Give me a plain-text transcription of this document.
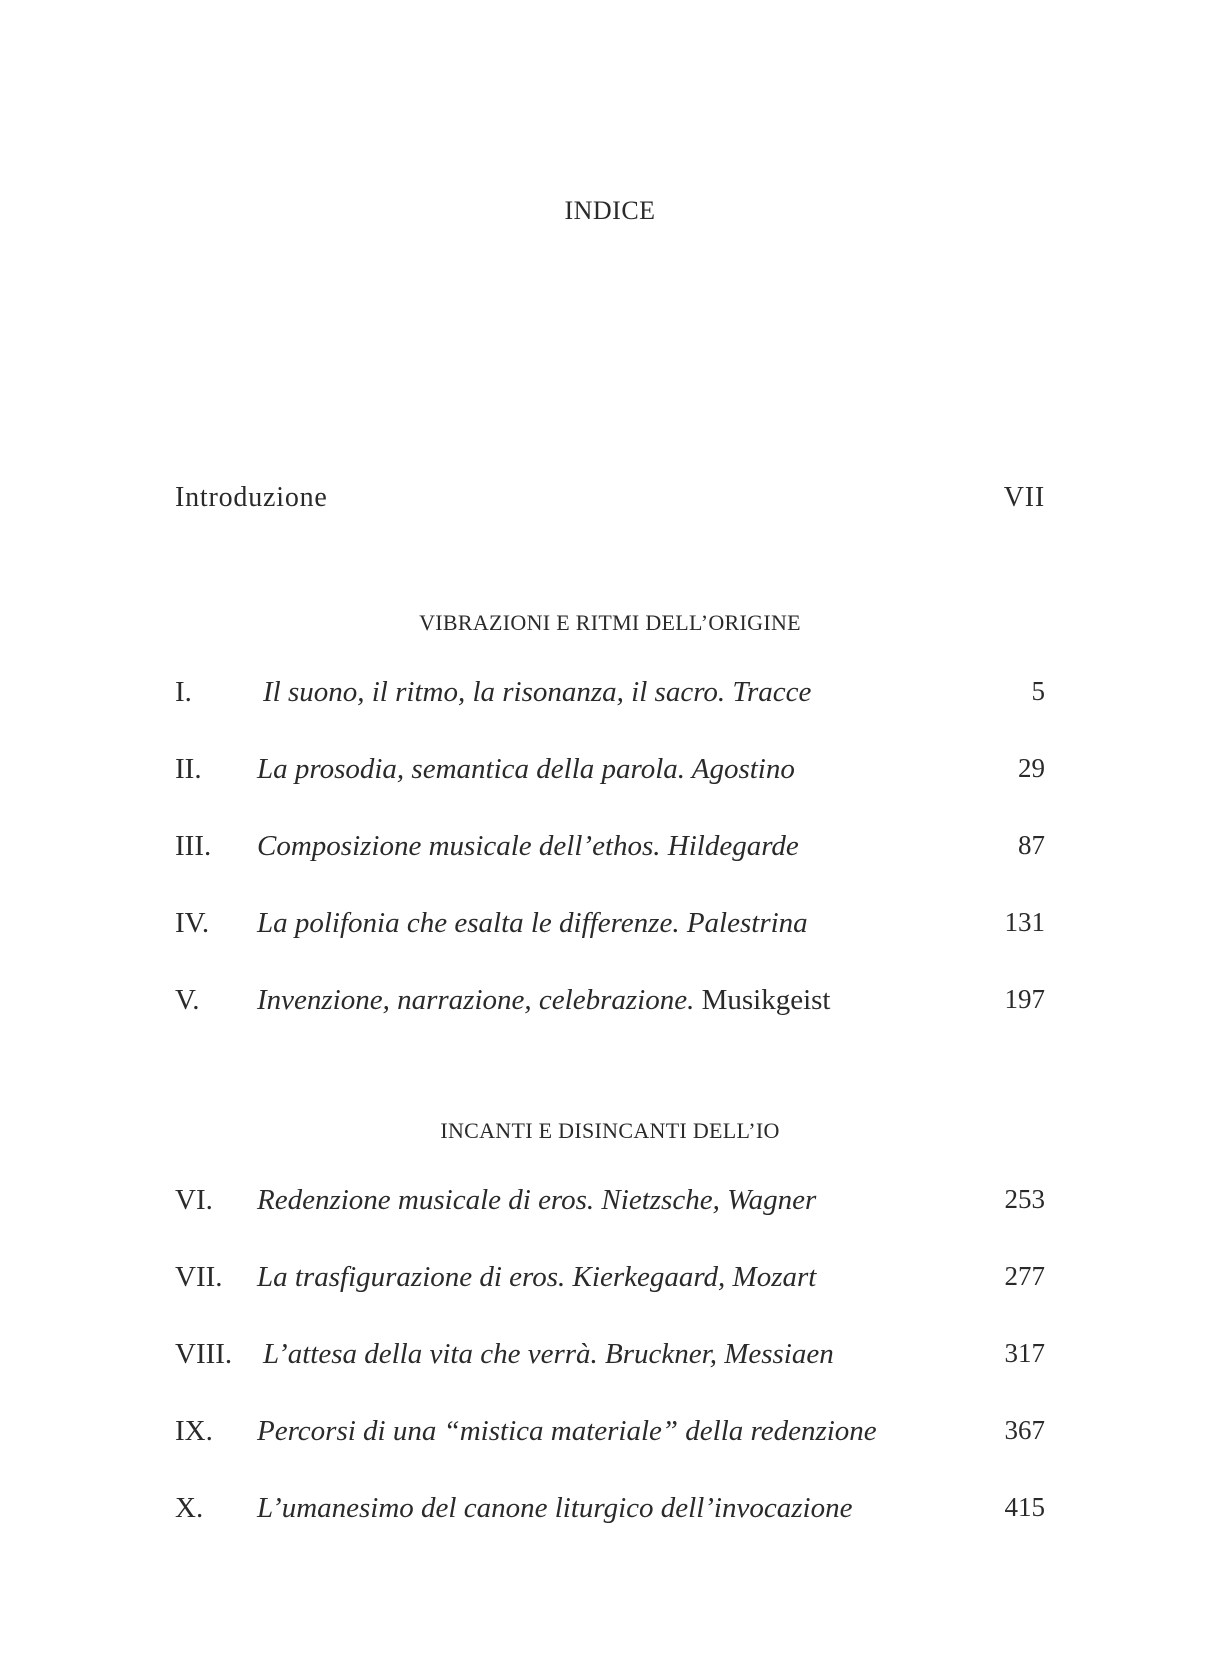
INDICE
Introduzione	VII
VIBRAZIONI E RITMI DELL’ORIGINE
I. Il suono, il ritmo, la risonanza, il sacro. Tracce	5
II. La prosodia, semantica della parola. Agostino	29
III. Composizione musicale dell’ethos. Hildegarde	87
IV. La polifonia che esalta le differenze. Palestrina	131
V. Invenzione, narrazione, celebrazione. Musikgeist	197
INCANTI E DISINCANTI DELL’IO
VI. Redenzione musicale di eros. Nietzsche, Wagner	253
VII. La trasfigurazione di eros. Kierkegaard, Mozart	277
VIII. L’attesa della vita che verrà. Bruckner, Messiaen	317
IX. Percorsi di una “mistica materiale” della redenzione	367
X. L’umanesimo del canone liturgico dell’invocazione	415
